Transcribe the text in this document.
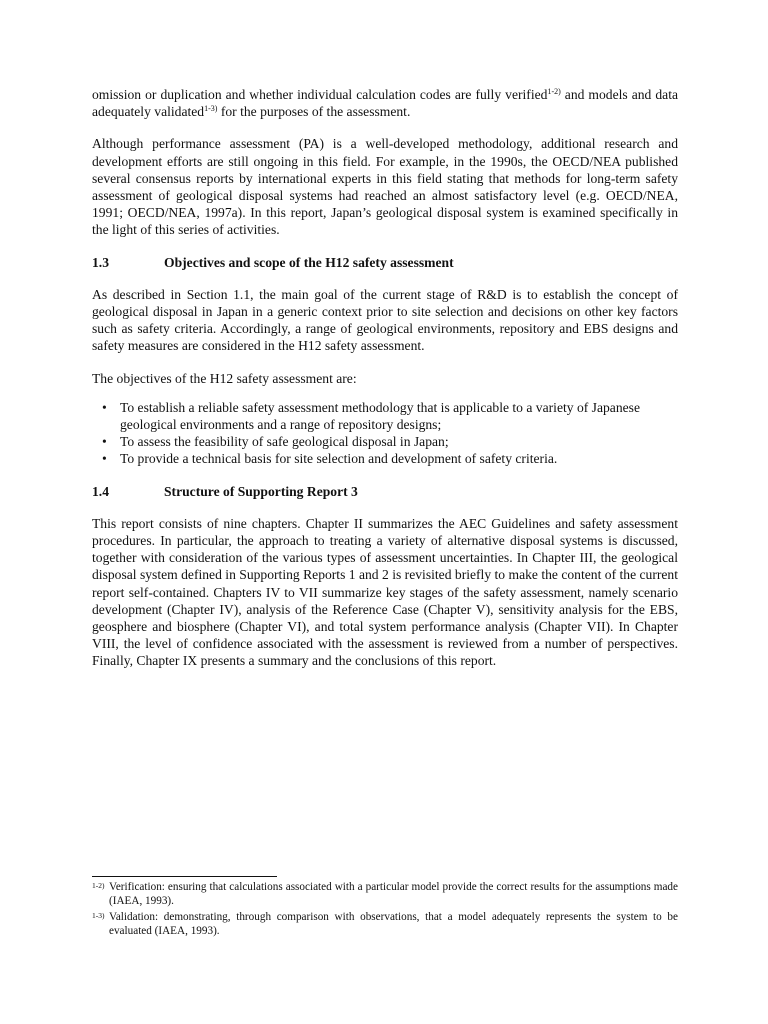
omission or duplication and whether individual calculation codes are fully verified$^{1-2)}$ and models and data adequately validated$^{1-3)}$ for the purposes of the assessment.

Although performance assessment (PA) is a well-developed methodology, additional research and development efforts are still ongoing in this field. For example, in the 1990s, the OECD/NEA published several consensus reports by international experts in this field stating that methods for long-term safety assessment of geological disposal systems had reached an almost satisfactory level (e.g. OECD/NEA, 1991; OECD/NEA, 1997a). In this report, Japan’s geological disposal system is examined specifically in the light of this series of activities.

1.3	Objectives and scope of the H12 safety assessment

As described in Section 1.1, the main goal of the current stage of R&D is to establish the concept of geological disposal in Japan in a generic context prior to site selection and decisions on other key factors such as safety criteria. Accordingly, a range of geological environments, repository and EBS designs and safety measures are considered in the H12 safety assessment.

The objectives of the H12 safety assessment are:

• To establish a reliable safety assessment methodology that is applicable to a variety of Japanese geological environments and a range of repository designs;
• To assess the feasibility of safe geological disposal in Japan;
• To provide a technical basis for site selection and development of safety criteria.
1.4	Structure of Supporting Report 3

This report consists of nine chapters. Chapter II summarizes the AEC Guidelines and safety assessment procedures. In particular, the approach to treating a variety of alternative disposal systems is discussed, together with consideration of the various types of assessment uncertainties. In Chapter III, the geological disposal system defined in Supporting Reports 1 and 2 is revisited briefly to make the content of the current report self-contained. Chapters IV to VII summarize key stages of the safety assessment, namely scenario development (Chapter IV), analysis of the Reference Case (Chapter V), sensitivity analysis for the EBS, geosphere and biosphere (Chapter VI), and total system performance analysis (Chapter VII). In Chapter VIII, the level of confidence associated with the assessment is reviewed from a number of perspectives. Finally, Chapter IX presents a summary and the conclusions of this report.

1-2) Verification: ensuring that calculations associated with a particular model provide the correct results for the assumptions made (IAEA, 1993).
1-3) Validation: demonstrating, through comparison with observations, that a model adequately represents the system to be evaluated (IAEA, 1993).
